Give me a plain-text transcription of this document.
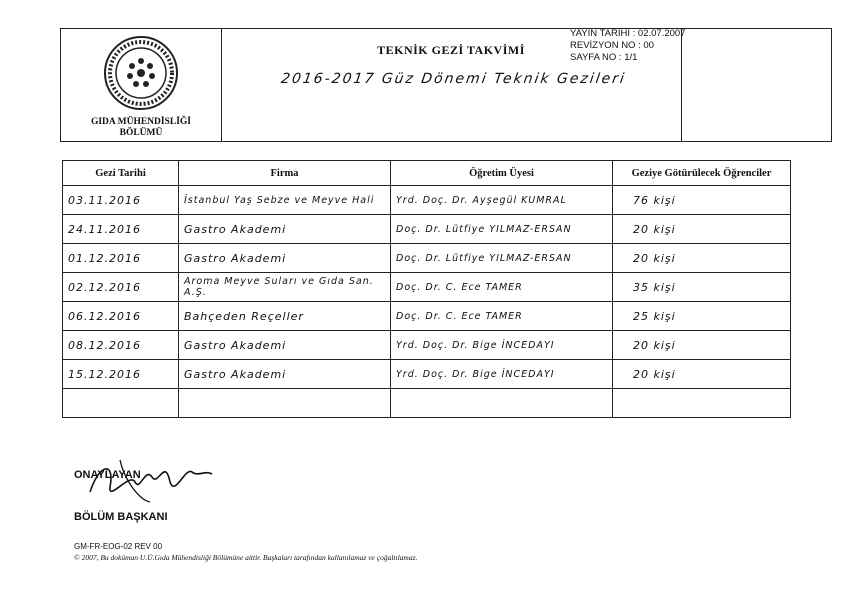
GIDA MÜHENDİSLİĞİ
BÖLÜMÜ
TEKNİK GEZİ TAKVİMİ
2016-2017 Güz Dönemi Teknik Gezileri
YAYIN TARİHİ : 02.07.2007
REVİZYON NO : 00
SAYFA NO : 1/1
Gezi Tarihi	Firma	Öğretim Üyesi	Geziye Götürülecek Öğrenciler
03.11.2016	İstanbul Yaş Sebze ve Meyve Hali	Yrd. Doç. Dr. Ayşegül KUMRAL	76 kişi
24.11.2016	Gastro Akademi	Doç. Dr. Lütfiye YILMAZ-ERSAN	20 kişi
01.12.2016	Gastro Akademi	Doç. Dr. Lütfiye YILMAZ-ERSAN	20 kişi
02.12.2016	Aroma Meyve Suları ve Gıda San. A.Ş.	Doç. Dr. C. Ece TAMER	35 kişi
06.12.2016	Bahçeden Reçeller	Doç. Dr. C. Ece TAMER	25 kişi
08.12.2016	Gastro Akademi	Yrd. Doç. Dr. Bige İNCEDAYI	20 kişi
15.12.2016	Gastro Akademi	Yrd. Doç. Dr. Bige İNCEDAYI	20 kişi

ONAYLAYAN
BÖLÜM BAŞKANI
GM-FR-EOG-02 REV 00
© 2007, Bu doküman U.Ü.Gıda Mühendisliği Bölümüne aittir. Başkaları tarafından kullanılamaz ve çoğaltılamaz.
